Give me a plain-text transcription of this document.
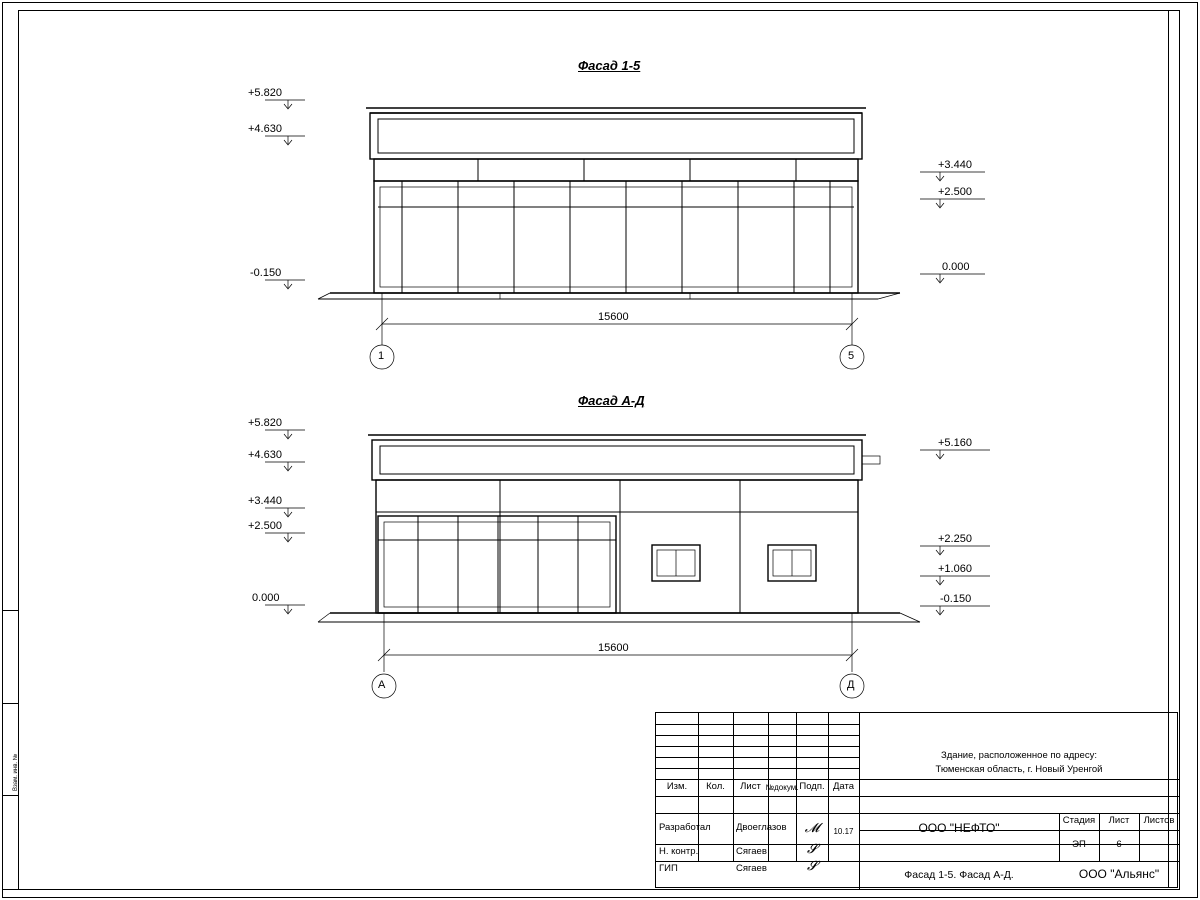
Взам. инв. №
Фасад 1-5
+5.820
+4.630
-0.150
+3.440
+2.500
0.000
15600
1	5
Фасад А-Д
+5.820
+4.630
+3.440
+2.500
0.000
+5.160
+2.250
+1.060
-0.150
15600
А	Д
Здание, расположенное по адресу:
Тюменская область, г. Новый Уренгой
Изм.	Кол.	Лист №докум. Подп. Дата
Разработал	Двоеглазов	𝓜	10.17
Н. контр.	Сягаев	𝓢
ГИП	Сягаев	𝓢
ООО "НЕФТО"
Фасад 1-5. Фасад А-Д.
Стадия	Лист	Листов
ЭП	6
ООО "Альянс"
